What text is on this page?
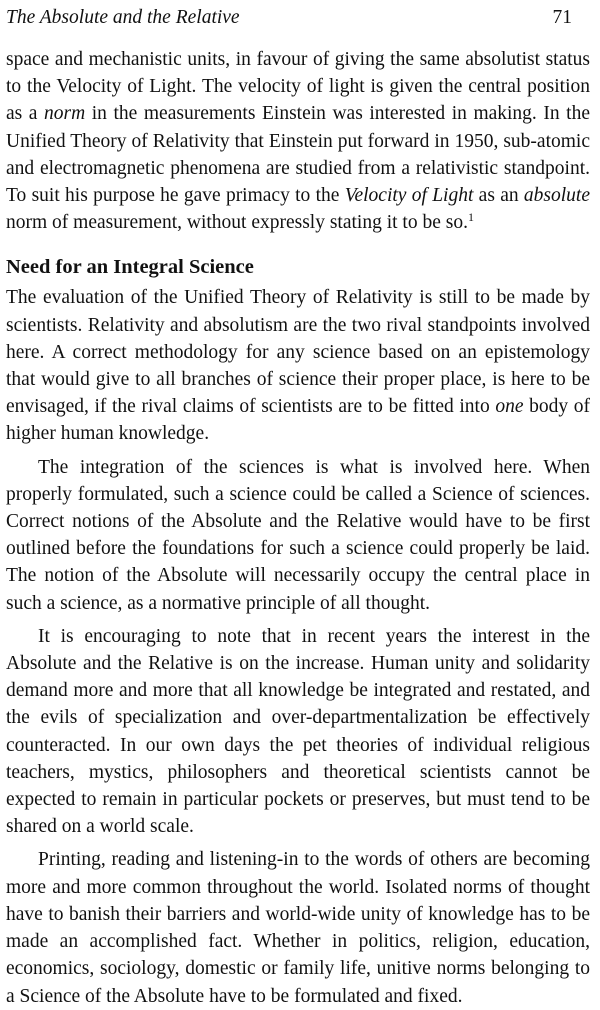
The Absolute and the Relative	71

space and mechanistic units, in favour of giving the same absolutist status to the Velocity of Light. The velocity of light is given the central position as a norm in the measurements Einstein was interested in making. In the Unified Theory of Relativity that Einstein put forward in 1950, sub-atomic and electromagnetic phenomena are studied from a relativistic standpoint. To suit his purpose he gave primacy to the Velocity of Light as an absolute norm of measurement, without expressly stating it to be so.$^1$

Need for an Integral Science

The evaluation of the Unified Theory of Relativity is still to be made by scientists. Relativity and absolutism are the two rival standpoints involved here. A correct methodology for any science based on an epistemology that would give to all branches of science their proper place, is here to be envisaged, if the rival claims of scientists are to be fitted into one body of higher human knowledge.

The integration of the sciences is what is involved here. When properly formulated, such a science could be called a Science of sciences. Correct notions of the Absolute and the Relative would have to be first outlined before the foundations for such a science could properly be laid. The notion of the Absolute will necessarily occupy the central place in such a science, as a normative principle of all thought.

It is encouraging to note that in recent years the interest in the Absolute and the Relative is on the increase. Human unity and solidarity demand more and more that all knowledge be integrated and restated, and the evils of specialization and over-departmentalization be effectively counteracted. In our own days the pet theories of individual religious teachers, mystics, philosophers and theoretical scientists cannot be expected to remain in particular pockets or preserves, but must tend to be shared on a world scale.

Printing, reading and listening-in to the words of others are becoming more and more common throughout the world. Isolated norms of thought have to banish their barriers and world-wide unity of knowledge has to be made an accomplished fact. Whether in politics, religion, education, economics, sociology, domestic or family life, unitive norms belonging to a Science of the Absolute have to be formulated and fixed.
